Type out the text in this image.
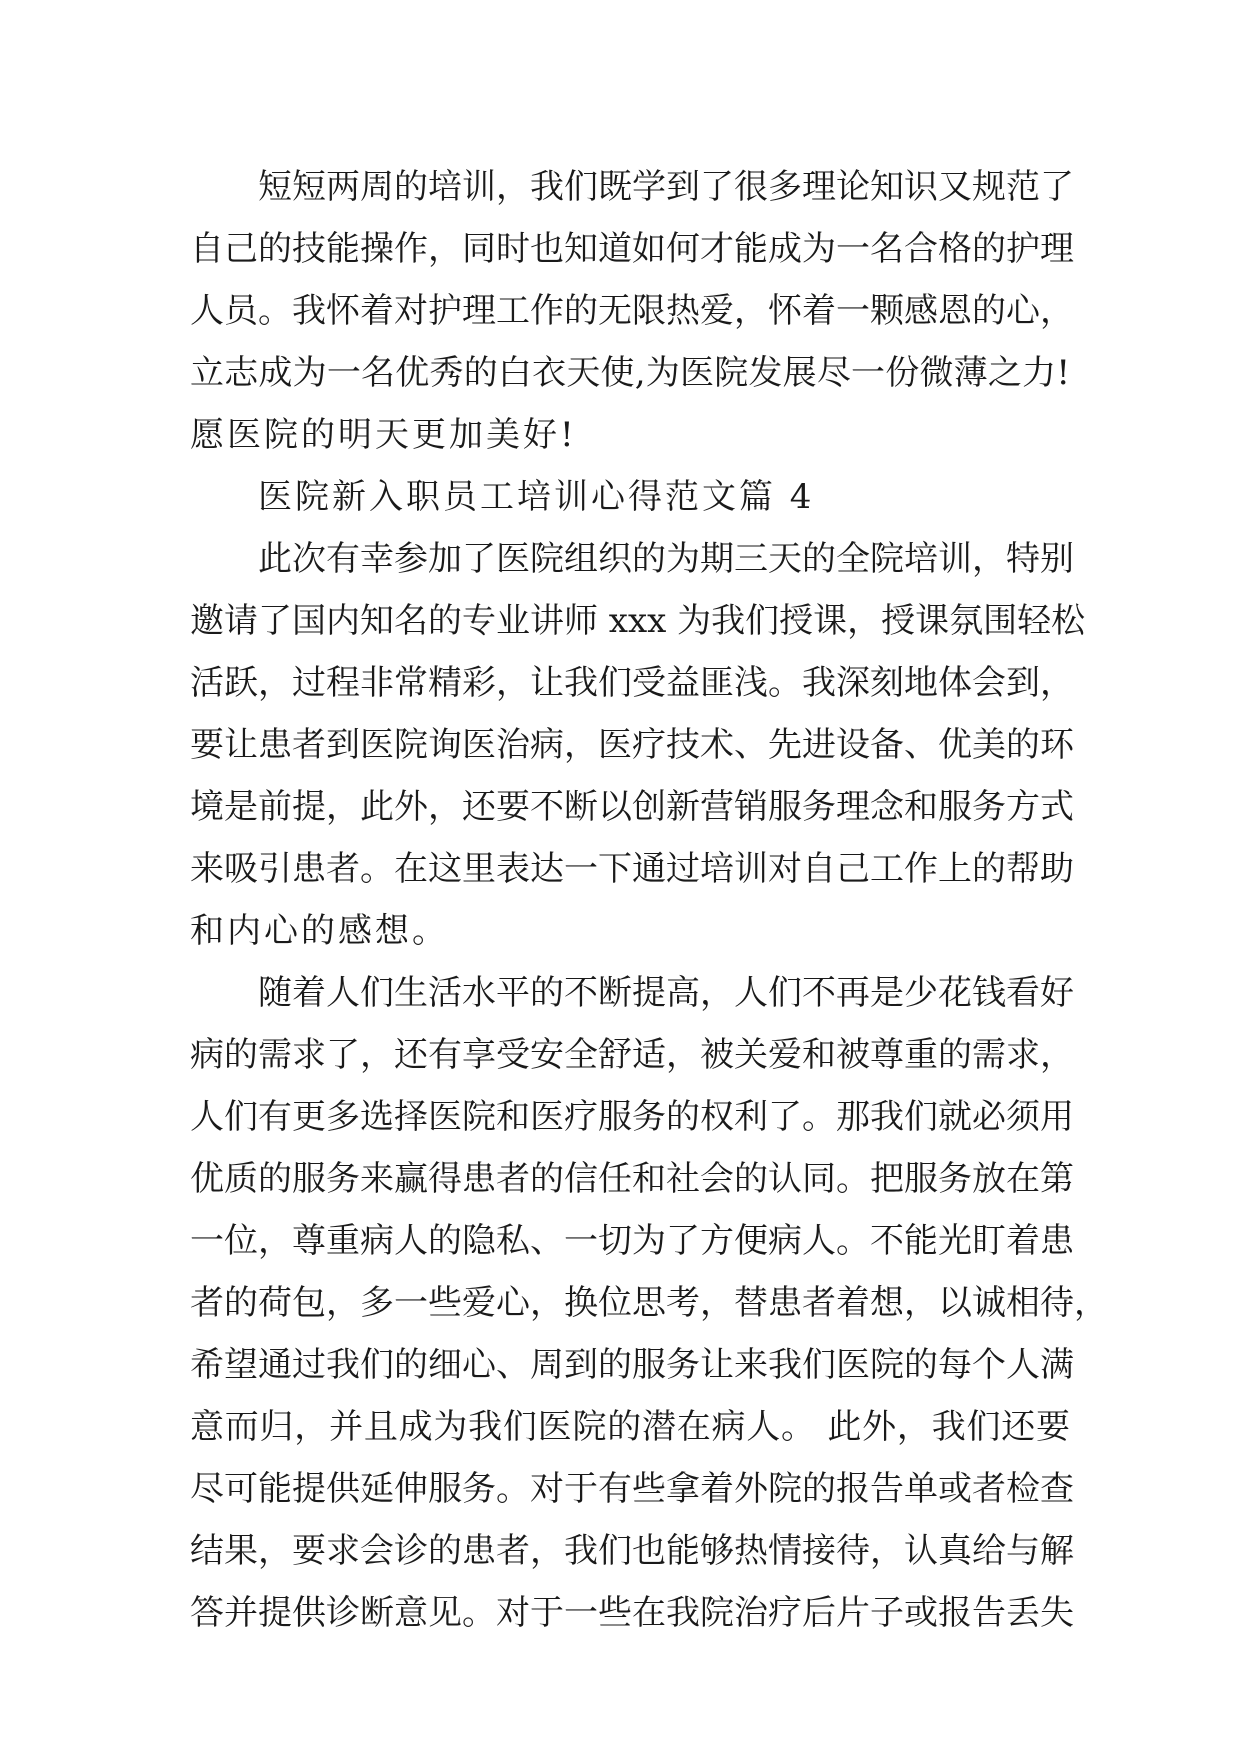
短短两周的培训，我们既学到了很多理论知识又规范了
自己的技能操作，同时也知道如何才能成为一名合格的护理
人员。我怀着对护理工作的无限热爱，怀着一颗感恩的心，
立志成为一名优秀的白衣天使,为医院发展尽一份微薄之力!
愿医院的明天更加美好!
医院新入职员工培训心得范文篇 4
此次有幸参加了医院组织的为期三天的全院培训，特别
邀请了国内知名的专业讲师 xxx 为我们授课，授课氛围轻松
活跃，过程非常精彩，让我们受益匪浅。我深刻地体会到，
要让患者到医院询医治病，医疗技术、先进设备、优美的环
境是前提，此外，还要不断以创新营销服务理念和服务方式
来吸引患者。在这里表达一下通过培训对自己工作上的帮助
和内心的感想。
随着人们生活水平的不断提高，人们不再是少花钱看好
病的需求了，还有享受安全舒适，被关爱和被尊重的需求，
人们有更多选择医院和医疗服务的权利了。那我们就必须用
优质的服务来赢得患者的信任和社会的认同。把服务放在第
一位，尊重病人的隐私、一切为了方便病人。不能光盯着患
者的荷包，多一些爱心，换位思考，替患者着想，以诚相待，
希望通过我们的细心、周到的服务让来我们医院的每个人满
意而归，并且成为我们医院的潜在病人。 此外，我们还要
尽可能提供延伸服务。对于有些拿着外院的报告单或者检查
结果，要求会诊的患者，我们也能够热情接待，认真给与解
答并提供诊断意见。对于一些在我院治疗后片子或报告丢失
